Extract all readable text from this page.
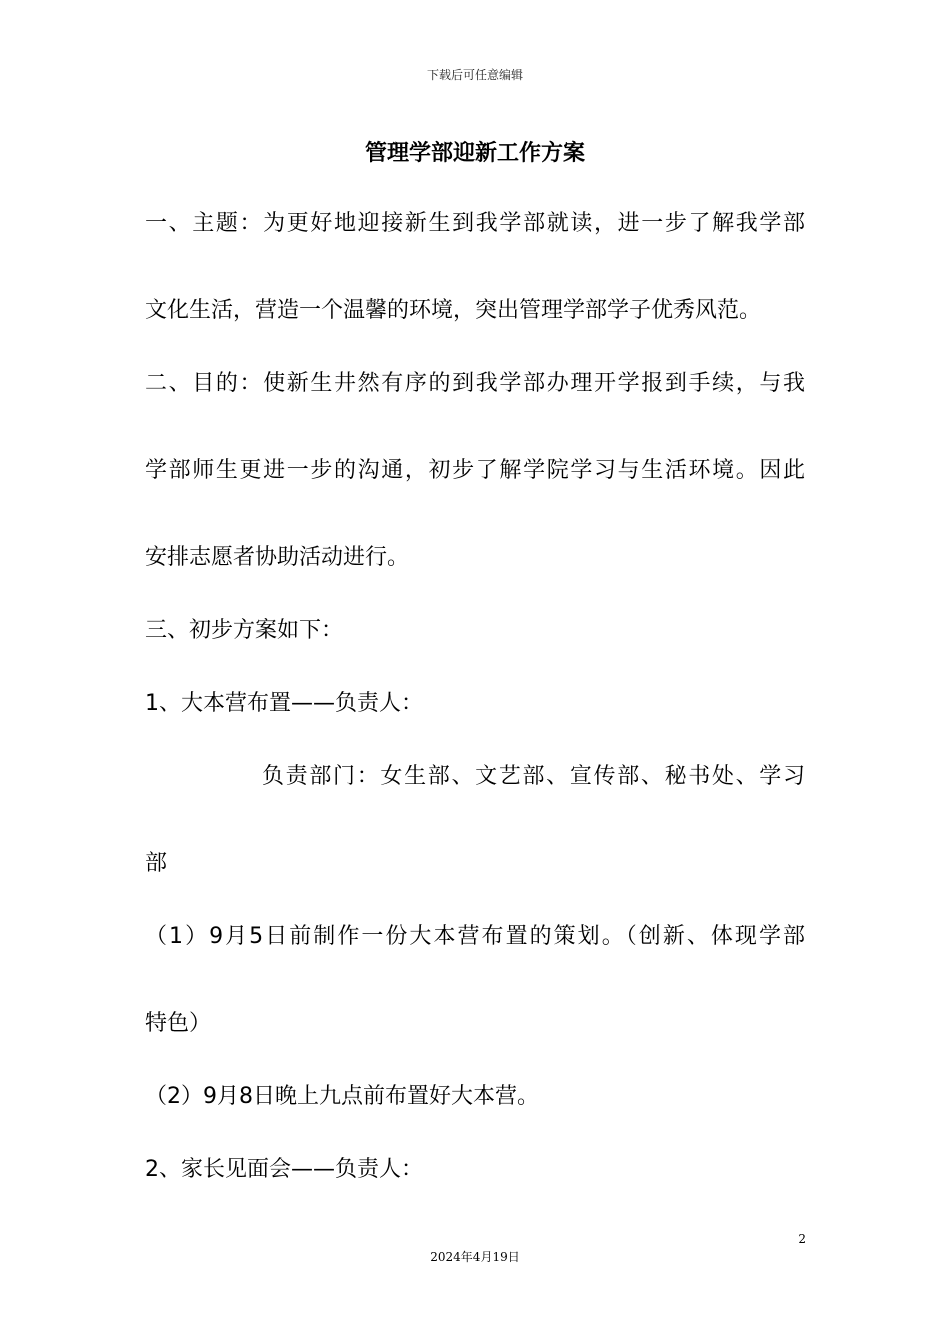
下载后可任意编辑
管理学部迎新工作方案
一、主题：为更好地迎接新生到我学部就读，进一步了解我学部
文化生活，营造一个温馨的环境，突出管理学部学子优秀风范。
二、目的：使新生井然有序的到我学部办理开学报到手续，与我
学部师生更进一步的沟通，初步了解学院学习与生活环境。因此
安排志愿者协助活动进行。
三、初步方案如下：
1、大本营布置——负责人：
负责部门：女生部、文艺部、宣传部、秘书处、学习
部
（1）9月5日前制作一份大本营布置的策划。（创新、体现学部
特色）
（2）9月8日晚上九点前布置好大本营。
2、家长见面会——负责人：
2
2024年4月19日
